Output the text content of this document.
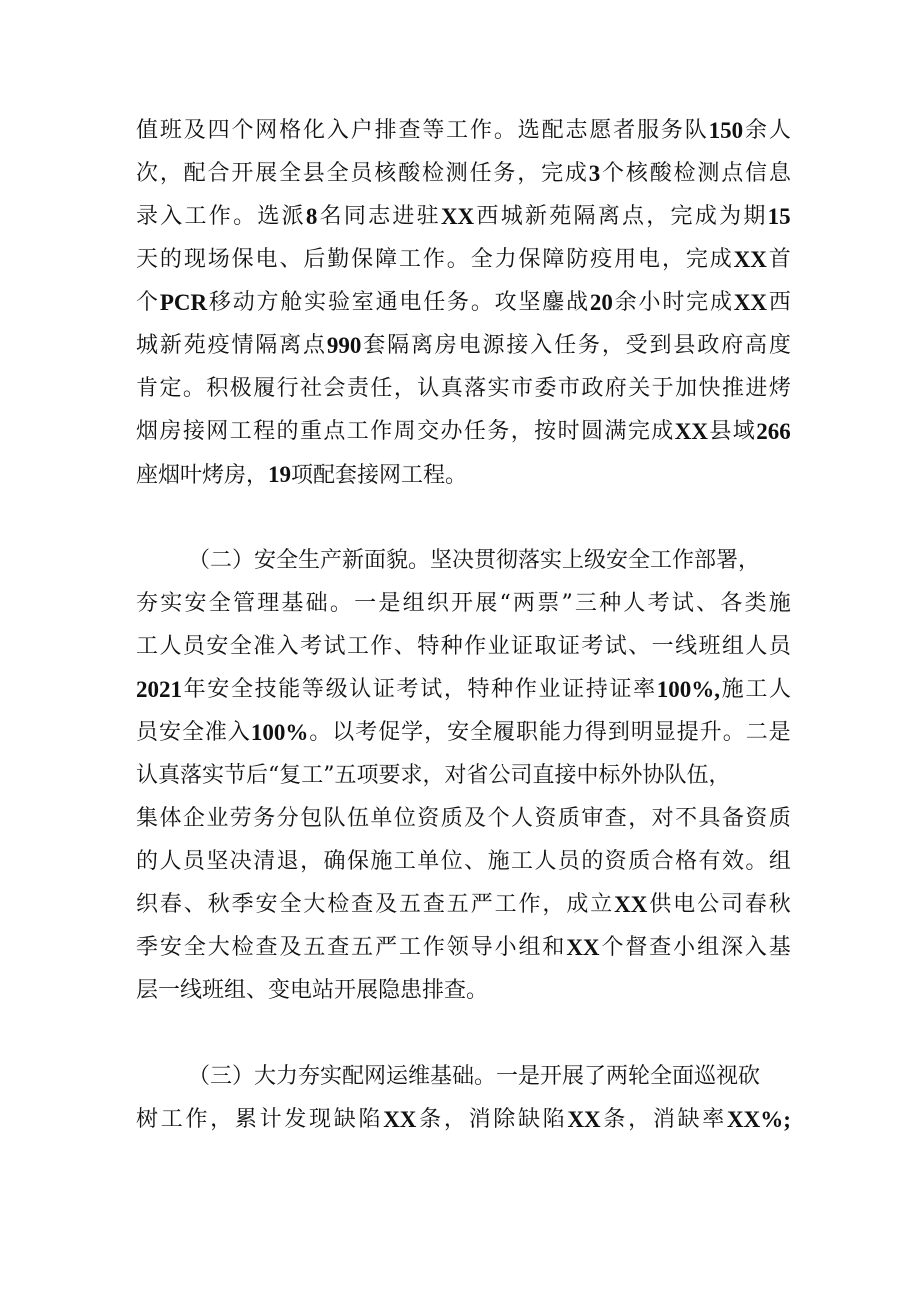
值 班 及 四 个 网 格 化 入 户 排 查 等 工 作 。 选 配 志 愿 者 服 务 队 150 余 人
次 ， 配 合 开 展 全 县 全 员 核 酸 检 测 任 务 ， 完 成 3 个 核 酸 检 测 点 信 息
录 入 工 作 。 选 派 8 名 同 志 进 驻 XX 西 城 新 苑 隔 离 点 ， 完 成 为 期 15
天 的 现 场 保 电 、 后 勤 保 障 工 作 。 全 力 保 障 防 疫 用 电 ， 完 成 XX 首
个 PCR 移 动 方 舱 实 验 室 通 电 任 务 。 攻 坚 鏖 战 20 余 小 时 完 成 XX 西
城 新 苑 疫 情 隔 离 点 990 套 隔 离 房 电 源 接 入 任 务 ， 受 到 县 政 府 高 度
肯 定 。 积 极 履 行 社 会 责 任 ， 认 真 落 实 市 委 市 政 府 关 于 加 快 推 进 烤
烟 房 接 网 工 程 的 重 点 工 作 周 交 办 任 务 ， 按 时 圆 满 完 成 XX 县 域 266
座烟叶烤房，19项配套接网工程。
（二）安全生产新面貌。坚决贯彻落实上级安全工作部署，
夯 实 安 全 管 理 基 础 。 一 是 组 织 开 展 “ 两 票 ” 三 种 人 考 试 、 各 类 施
工 人 员 安 全 准 入 考 试 工 作 、 特 种 作 业 证 取 证 考 试 、 一 线 班 组 人 员
2021 年 安 全 技 能 等 级 认 证 考 试 ， 特 种 作 业 证 持 证 率 100%, 施 工 人
员 安 全 准 入 100% 。 以 考 促 学 ， 安 全 履 职 能 力 得 到 明 显 提 升 。 二 是
认真落实节后“复工”五项要求，对省公司直接中标外协队伍，
集 体 企 业 劳 务 分 包 队 伍 单 位 资 质 及 个 人 资 质 审 查 ， 对 不 具 备 资 质
的 人 员 坚 决 清 退 ， 确 保 施 工 单 位 、 施 工 人 员 的 资 质 合 格 有 效 。 组
织 春 、 秋 季 安 全 大 检 查 及 五 查 五 严 工 作 ， 成 立 XX 供 电 公 司 春 秋
季 安 全 大 检 查 及 五 查 五 严 工 作 领 导 小 组 和 XX 个 督 查 小 组 深 入 基
层一线班组、变电站开展隐患排查。
（三）大力夯实配网运维基础。一是开展了两轮全面巡视砍
树 工 作 ， 累 计 发 现 缺 陷 XX 条 ， 消 除 缺 陷 XX 条 ， 消 缺 率 XX%;
